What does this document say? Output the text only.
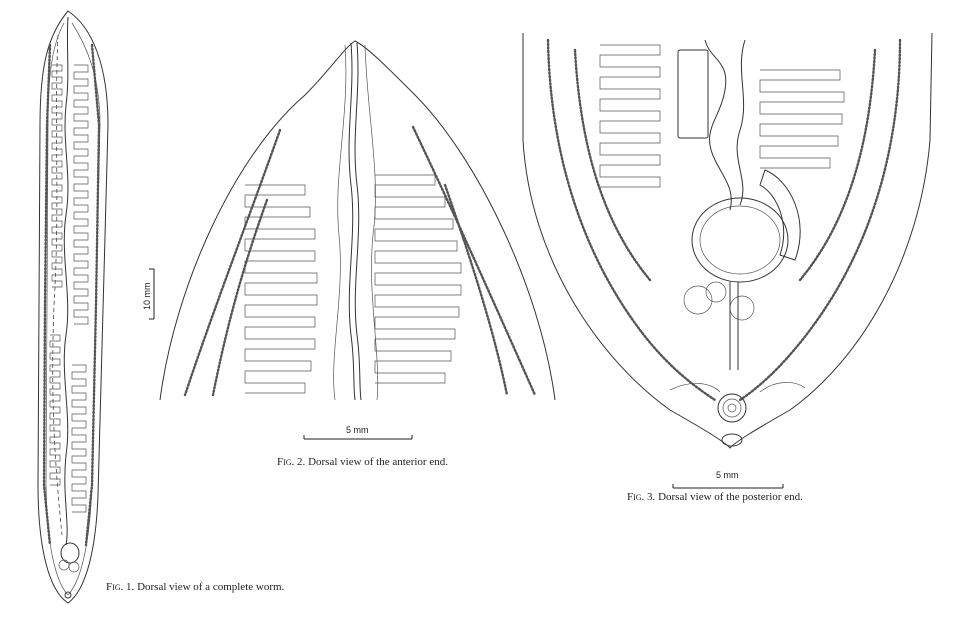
10 mm
Fig. 1. Dorsal view of a complete worm.
5 mm
Fig. 2. Dorsal view of the anterior end.
5 mm
Fig. 3. Dorsal view of the posterior end.
